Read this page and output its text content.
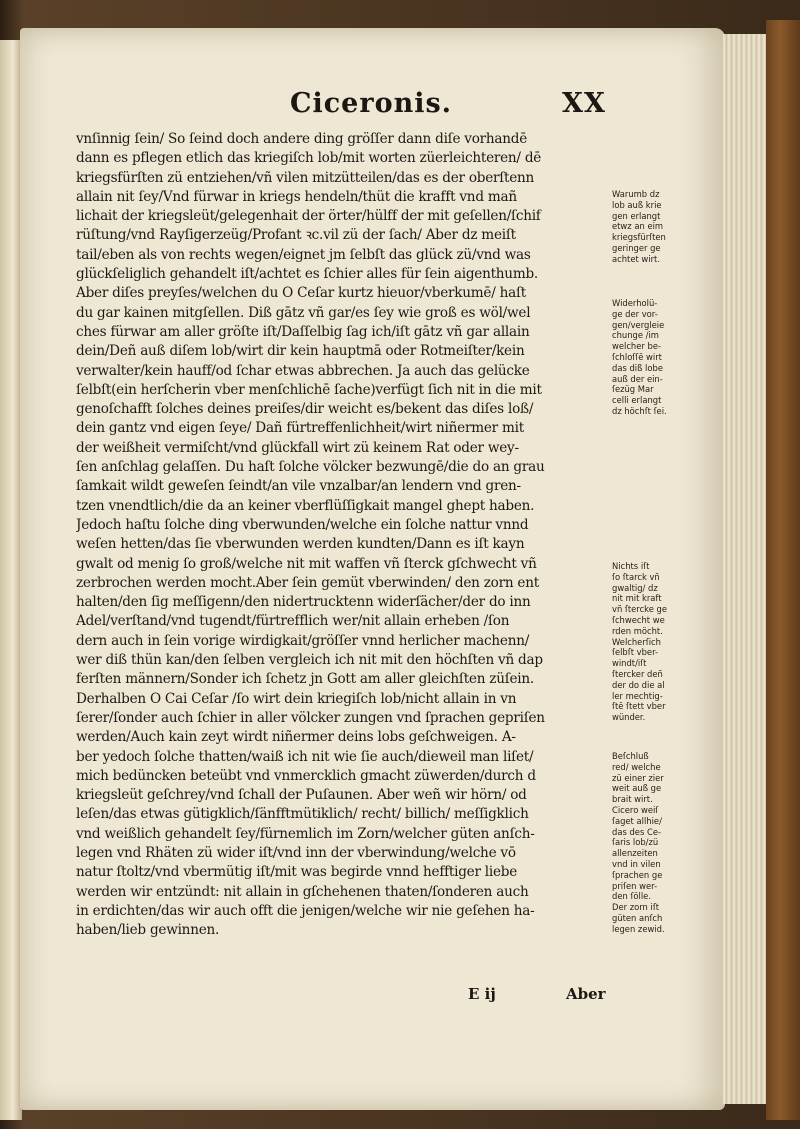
Ciceronis.	XX
vnſinnig ſein/ So ſeind doch andere ding gröſſer dann diſe vorhandē
dann es pflegen etlich das kriegiſch lob/mit worten züerleichteren/ dē
kriegsfürſten zü entziehen/vñ vilen mitzütteilen/das es der oberſtenn
allain nit ſey/Vnd fürwar in kriegs hendeln/thüt die krafft vnd mañ
lichait der kriegsleüt/gelegenhait der örter/hülff der mit geſellen/ſchif
rüſtung/vnd Rayſigerzeüg/Profant ꝛc.vil zü der ſach/ Aber dz meiſt
tail/eben als von rechts wegen/eignet jm ſelbſt das glück zü/vnd was
glückſeliglich gehandelt iſt/achtet es ſchier alles für ſein aigenthumb.
Aber diſes preyſes/welchen du O Ceſar kurtz hieuor/vberkumē/ haſt
du gar kainen mitgſellen. Diß gātz vñ gar/es ſey wie groß es wöl/wel
ches fürwar am aller gröſte iſt/Daſſelbig ſag ich/iſt gātz vñ gar allain
dein/Deñ auß diſem lob/wirt dir kein hauptmā oder Rotmeiſter/kein
verwalter/kein hauff/od ſchar etwas abbrechen. Ja auch das gelücke
ſelbſt(ein herſcherin vber menſchlichē ſache)verfügt ſich nit in die mit
genoſchafft ſolches deines preiſes/dir weicht es/bekent das diſes loß/
dein gantz vnd eigen ſeye/ Dañ fürtreffenlichheit/wirt niñermer mit
der weißheit vermiſcht/vnd glückfall wirt zü keinem Rat oder wey-
ſen anſchlag gelaſſen. Du haſt ſolche völcker bezwungē/die do an grau
ſamkait wildt geweſen ſeindt/an vile vnzalbar/an lendern vnd gren-
tzen vnendtlich/die da an keiner vberflüſſigkait mangel ghept haben.
Jedoch haſtu ſolche ding vberwunden/welche ein ſolche nattur vnnd
weſen hetten/das ſie vberwunden werden kundten/Dann es iſt kayn
gwalt od menig ſo groß/welche nit mit waffen vñ ſterck gſchwecht vñ
zerbrochen werden mocht.Aber ſein gemüt vberwinden/ den zorn ent
halten/den ſig meſſigenn/den nidertrucktenn widerſächer/der do inn
Adel/verſtand/vnd tugendt/fürtrefflich wer/nit allain erheben /ſon
dern auch in ſein vorige wirdigkait/gröſſer vnnd herlicher machenn/
wer diß thün kan/den ſelben vergleich ich nit mit den höchſten vñ dap
ferſten männern/Sonder ich ſchetz jn Gott am aller gleichſten züſein.
Derhalben O Cai Ceſar /ſo wirt dein kriegiſch lob/nicht allain in vn
ſerer/ſonder auch ſchier in aller völcker zungen vnd ſprachen gepriſen
werden/Auch kain zeyt wirdt niñermer deins lobs geſchweigen. A-
ber yedoch ſolche thatten/waiß ich nit wie ſie auch/dieweil man liſet/
mich bedüncken beteübt vnd vnmercklich gmacht züwerden/durch d
kriegsleüt geſchrey/vnd ſchall der Puſaunen. Aber weñ wir hörn/ od
leſen/das etwas gütigklich/ſänfftmütiklich/ recht/ billich/ meſſigklich
vnd weißlich gehandelt ſey/fürnemlich im Zorn/welcher güten anſch-
legen vnd Rhäten zü wider iſt/vnd inn der vberwindung/welche vō
natur ſtoltz/vnd vbermütig iſt/mit was begirde vnnd hefftiger liebe
werden wir entzündt: nit allain in gſchehenen thaten/ſonderen auch
in erdichten/das wir auch offt die jenigen/welche wir nie geſehen ha-
haben/lieb gewinnen.
Warumb dz
lob auß krie
gen erlangt
etwz an eim
kriegsfürſten
geringer ge
achtet wirt.
Widerholü-
ge der vor-
gen/vergleie
chunge /im
welcher be-
ſchloſſē wirt
das diß lobe
auß der ein-
ſezüg Mar
celli erlangt
dz höchſt ſei.
Nichts iſt
ſo ſtarck vñ
gwaltig/ dz
nit mit kraft
vñ ſtercke ge
ſchwecht we
rden möcht.
Welcherſich
ſelbſt vber-
windt/iſt
ſtercker deñ
der do die al
ler mechtig-
ſtē ſtett vber
wünder.
Beſchluß
red/ welche
zü einer zier
weit auß ge
brait wirt.
Cicero weiſ
ſaget allhie/
das des Ce-
ſaris lob/zü
allenzeiten
vnd in vilen
ſprachen ge
priſen wer-
den ſölle.
Der zorn iſt
güten anſch
legen zewid.
E ij	Aber
